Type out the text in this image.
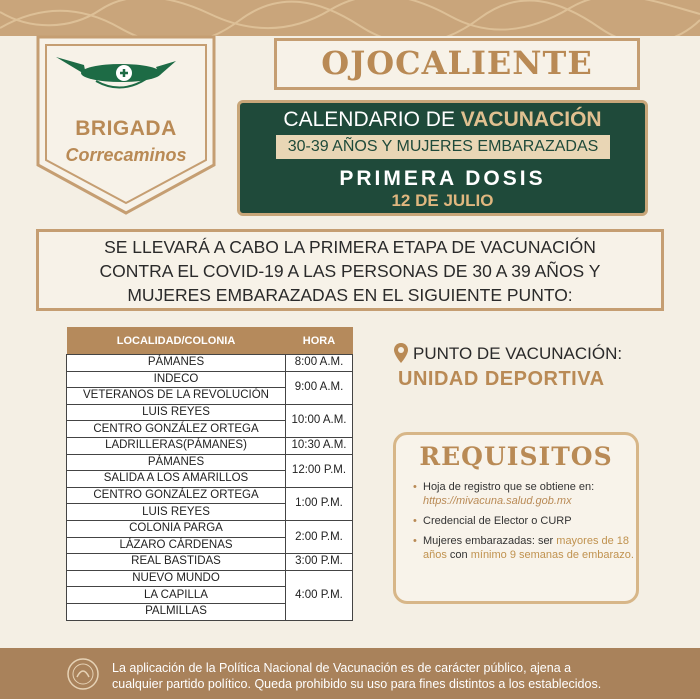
BRIGADA
Correcaminos
OJOCALIENTE
CALENDARIO DE VACUNACIÓN
30-39 AÑOS Y MUJERES EMBARAZADAS
PRIMERA DOSIS
12 DE JULIO
SE LLEVARÁ A CABO LA PRIMERA ETAPA DE VACUNACIÓN
CONTRA EL COVID-19 A LAS PERSONAS DE 30 A 39 AÑOS Y
MUJERES EMBARAZADAS EN EL SIGUIENTE PUNTO:
LOCALIDAD/COLONIA	HORA
PÁMANES	8:00 A.M.
INDECO	9:00 A.M.
VETERANOS DE LA REVOLUCIÓN	
LUIS REYES	10:00 A.M.
CENTRO GONZÁLEZ ORTEGA	
LADRILLERAS(PÁMANES)	10:30 A.M.
PÁMANES	12:00 P.M.
SALIDA A LOS AMARILLOS	
CENTRO GONZÁLEZ ORTEGA	1:00 P.M.
LUIS REYES	
COLONIA PARGA	2:00 P.M.
LÁZARO CÁRDENAS	
REAL BASTIDAS	3:00 P.M.
NUEVO MUNDO	4:00 P.M.
LA CAPILLA	
PALMILLAS	
PUNTO DE VACUNACIÓN:
UNIDAD DEPORTIVA
REQUISITOS
• Hoja de registro que se obtiene en: https://mivacuna.salud.gob.mx
• Credencial de Elector o CURP
• Mujeres embarazadas: ser mayores de 18 años con mínimo 9 semanas de embarazo.
La aplicación de la Política Nacional de Vacunación es de carácter público, ajena a
cualquier partido político. Queda prohibido su uso para fines distintos a los establecidos.
